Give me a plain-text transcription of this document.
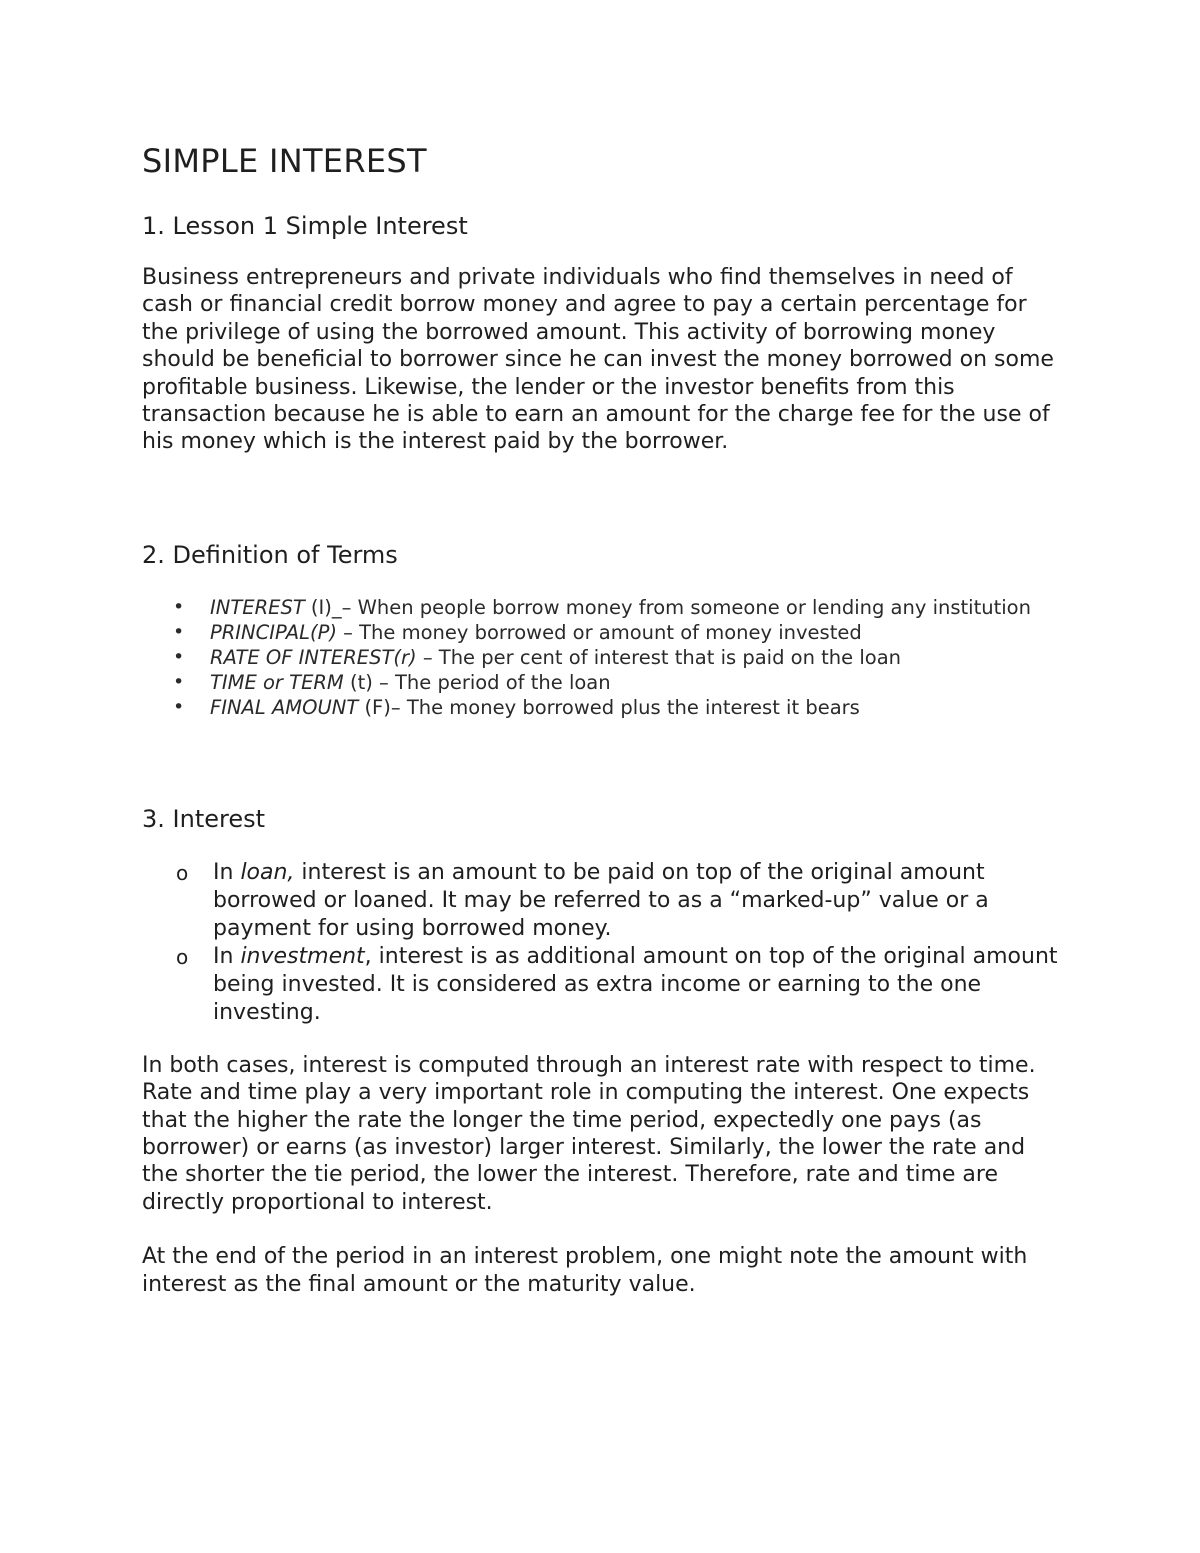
SIMPLE INTEREST
1. Lesson 1 Simple Interest

Business entrepreneurs and private individuals who find themselves in need of cash or financial credit borrow money and agree to pay a certain percentage for the privilege of using the borrowed amount. This activity of borrowing money should be beneficial to borrower since he can invest the money borrowed on some profitable business. Likewise, the lender or the investor benefits from this transaction because he is able to earn an amount for the charge fee for the use of his money which is the interest paid by the borrower.

2. Definition of Terms
• INTEREST (I)_– When people borrow money from someone or lending any institution
• PRINCIPAL(P) – The money borrowed or amount of money invested
• RATE OF INTEREST(r) – The per cent of interest that is paid on the loan
• TIME or TERM (t) – The period of the loan
• FINAL AMOUNT (F)– The money borrowed plus the interest it bears
3. Interest
o In loan, interest is an amount to be paid on top of the original amount borrowed or loaned. It may be referred to as a “marked-up” value or a payment for using borrowed money.
o In investment, interest is as additional amount on top of the original amount being invested. It is considered as extra income or earning to the one investing.

In both cases, interest is computed through an interest rate with respect to time. Rate and time play a very important role in computing the interest. One expects that the higher the rate the longer the time period, expectedly one pays (as borrower) or earns (as investor) larger interest. Similarly, the lower the rate and the shorter the tie period, the lower the interest. Therefore, rate and time are directly proportional to interest.

At the end of the period in an interest problem, one might note the amount with interest as the final amount or the maturity value.
